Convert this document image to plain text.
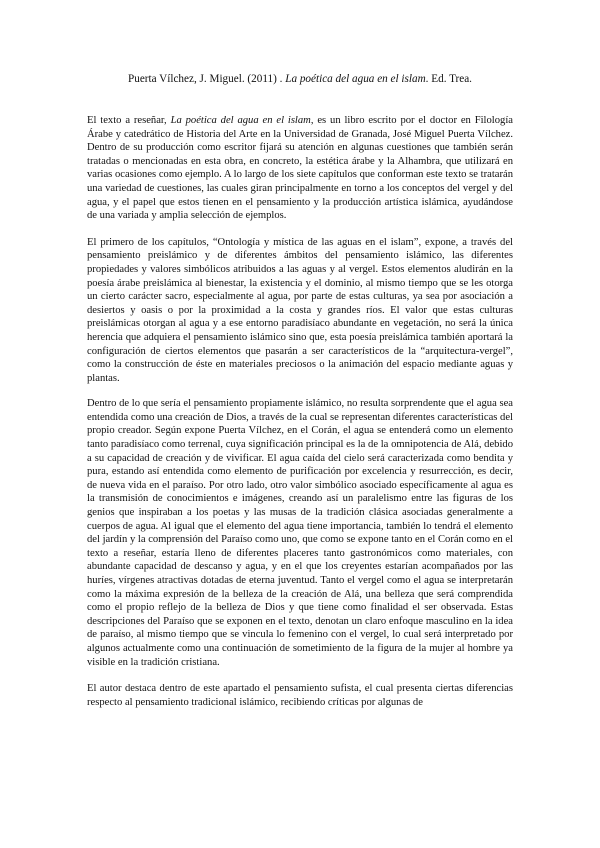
Puerta Vílchez, J. Miguel. (2011) . La poética del agua en el islam. Ed. Trea.

El texto a reseñar, La poética del agua en el islam, es un libro escrito por el doctor en Filología Árabe y catedrático de Historia del Arte en la Universidad de Granada, José Miguel Puerta Vílchez. Dentro de su producción como escritor fijará su atención en algunas cuestiones que también serán tratadas o mencionadas en esta obra, en concreto, la estética árabe y la Alhambra, que utilizará en varias ocasiones como ejemplo. A lo largo de los siete capítulos que conforman este texto se tratarán una variedad de cuestiones, las cuales giran principalmente en torno a los conceptos del vergel y del agua, y el papel que estos tienen en el pensamiento y la producción artística islámica, ayudándose de una variada y amplia selección de ejemplos.

El primero de los capítulos, “Ontología y mística de las aguas en el islam”, expone, a través del pensamiento preislámico y de diferentes ámbitos del pensamiento islámico, las diferentes propiedades y valores simbólicos atribuidos a las aguas y al vergel. Estos elementos aludirán en la poesía árabe preislámica al bienestar, la existencia y el dominio, al mismo tiempo que se les otorga un cierto carácter sacro, especialmente al agua, por parte de estas culturas, ya sea por asociación a desiertos y oasis o por la proximidad a la costa y grandes ríos. El valor que estas culturas preislámicas otorgan al agua y a ese entorno paradisíaco abundante en vegetación, no será la única herencia que adquiera el pensamiento islámico sino que, esta poesía preislámica también aportará la configuración de ciertos elementos que pasarán a ser característicos de la “arquitectura-vergel”, como la construcción de éste en materiales preciosos o la animación del espacio mediante aguas y plantas.

Dentro de lo que sería el pensamiento propiamente islámico, no resulta sorprendente que el agua sea entendida como una creación de Dios, a través de la cual se representan diferentes características del propio creador. Según expone Puerta Vílchez, en el Corán, el agua se entenderá como un elemento tanto paradisíaco como terrenal, cuya significación principal es la de la omnipotencia de Alá, debido a su capacidad de creación y de vivificar. El agua caída del cielo será caracterizada como bendita y pura, estando así entendida como elemento de purificación por excelencia y resurrección, es decir, de nueva vida en el paraíso. Por otro lado, otro valor simbólico asociado específicamente al agua es la transmisión de conocimientos e imágenes, creando así un paralelismo entre las figuras de los genios que inspiraban a los poetas y las musas de la tradición clásica asociadas generalmente a cuerpos de agua. Al igual que el elemento del agua tiene importancia, también lo tendrá el elemento del jardín y la comprensión del Paraíso como uno, que como se expone tanto en el Corán como en el texto a reseñar, estaría lleno de diferentes placeres tanto gastronómicos como materiales, con abundante capacidad de descanso y agua, y en el que los creyentes estarían acompañados por las huríes, vírgenes atractivas dotadas de eterna juventud. Tanto el vergel como el agua se interpretarán como la máxima expresión de la belleza de la creación de Alá, una belleza que será comprendida como el propio reflejo de la belleza de Dios y que tiene como finalidad el ser observada. Estas descripciones del Paraíso que se exponen en el texto, denotan un claro enfoque masculino en la idea de paraíso, al mismo tiempo que se vincula lo femenino con el vergel, lo cual será interpretado por algunos actualmente como una continuación de sometimiento de la figura de la mujer al hombre ya visible en la tradición cristiana.

El autor destaca dentro de este apartado el pensamiento sufista, el cual presenta ciertas diferencias respecto al pensamiento tradicional islámico, recibiendo críticas por algunas de
